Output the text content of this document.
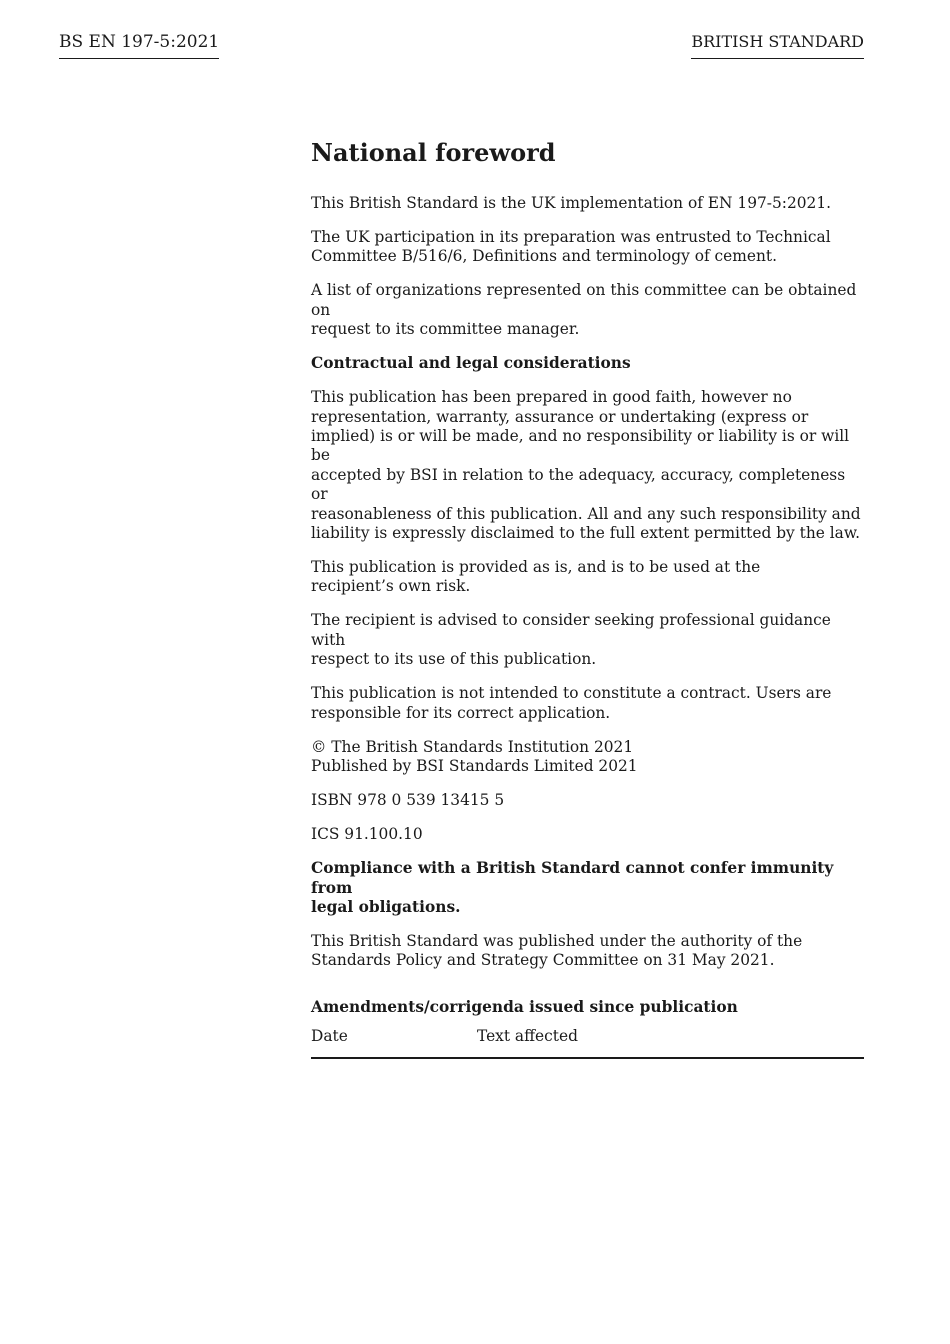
BS EN 197-5:2021	BRITISH STANDARD
National foreword

This British Standard is the UK implementation of EN 197-5:2021.

The UK participation in its preparation was entrusted to Technical
Committee B/516/6, Definitions and terminology of cement.

A list of organizations represented on this committee can be obtained on
request to its committee manager.

Contractual and legal considerations

This publication has been prepared in good faith, however no
representation, warranty, assurance or undertaking (express or
implied) is or will be made, and no responsibility or liability is or will be
accepted by BSI in relation to the adequacy, accuracy, completeness or
reasonableness of this publication. All and any such responsibility and
liability is expressly disclaimed to the full extent permitted by the law.

This publication is provided as is, and is to be used at the
recipient’s own risk.

The recipient is advised to consider seeking professional guidance with
respect to its use of this publication.

This publication is not intended to constitute a contract. Users are
responsible for its correct application.

© The British Standards Institution 2021
Published by BSI Standards Limited 2021

ISBN 978 0 539 13415 5

ICS 91.100.10

Compliance with a British Standard cannot confer immunity from
legal obligations.

This British Standard was published under the authority of the
Standards Policy and Strategy Committee on 31 May 2021.

Amendments/corrigenda issued since publication

Date	Text affected
